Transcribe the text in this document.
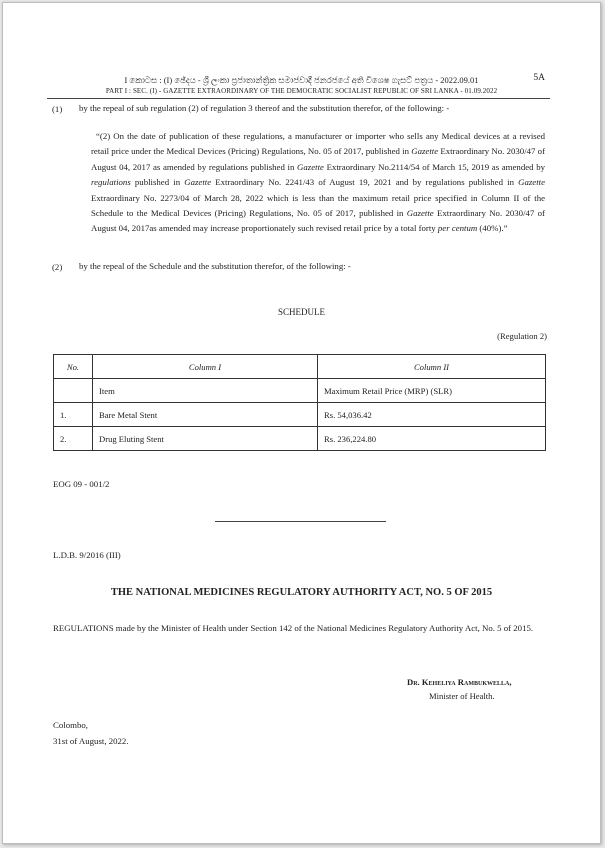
I කොටස : (I) ඡේදය - ශ්‍රී ලංකා ප්‍රජාතාන්ත්‍රික සමාජවාදී ජනරජයේ අති විශෙෂ ගැසට් පත්‍රය - 2022.09.01	5A
PART I : SEC. (I) - GAZETTE EXTRAORDINARY OF THE DEMOCRATIC SOCIALIST REPUBLIC OF SRI LANKA - 01.09.2022
(1) by the repeal of sub regulation (2) of regulation 3 thereof and the substitution therefor, of the following: -
“(2) On the date of publication of these regulations, a manufacturer or importer who sells any Medical devices at a revised retail price under the Medical Devices (Pricing) Regulations, No. 05 of 2017, published in Gazette Extraordinary No. 2030/47 of August 04, 2017 as amended by regulations published in Gazette Extraordinary No.2114/54 of March 15, 2019 as amended by regulations published in Gazette Extraordinary No. 2241/43 of August 19, 2021 and by regulations published in Gazette Extraordinary No. 2273/04 of March 28, 2022 which is less than the maximum retail price specified in Column II of the Schedule to the Medical Devices (Pricing) Regulations, No. 05 of 2017, published in Gazette Extraordinary No. 2030/47 of August 04, 2017as amended may increase proportionately such revised retail price by a total forty per centum (40%).”
(2) by the repeal of the Schedule and the substitution therefor, of the following: -
SCHEDULE
(Regulation 2)
No.	Column I	Column II
	Item	Maximum Retail Price (MRP) (SLR)
1.	Bare Metal Stent	Rs. 54,036.42
2.	Drug Eluting Stent	Rs. 236,224.80
EOG 09 - 001/2
L.D.B. 9/2016 (III)
THE NATIONAL MEDICINES REGULATORY AUTHORITY ACT, NO. 5 OF 2015
REGULATIONS made by the Minister of Health under Section 142 of the National Medicines Regulatory Authority Act, No. 5 of 2015.
Dr. Keheliya Rambukwella,
Minister of Health.
Colombo,
31st of August, 2022.
